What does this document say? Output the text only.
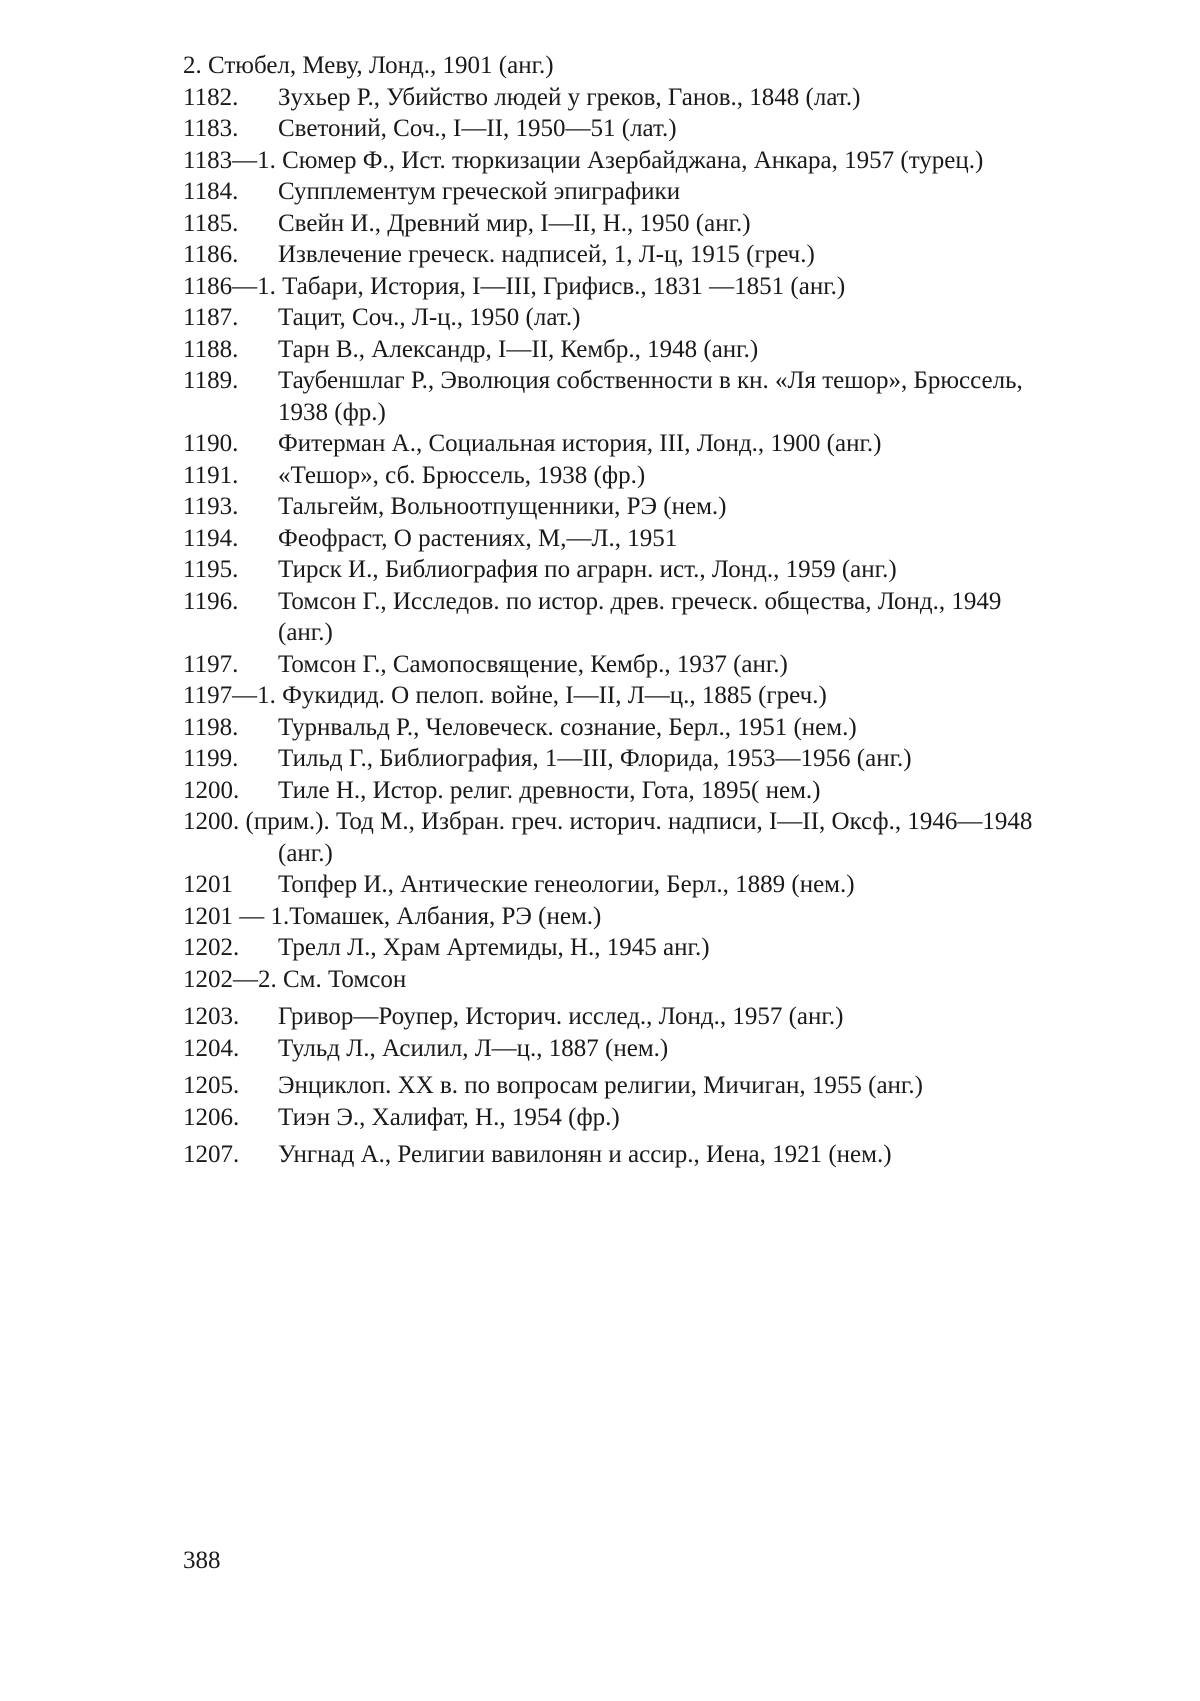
2. Стюбел, Меву, Лонд., 1901 (анг.)
1182.	Зухьер Р., Убийство людей у греков, Ганов., 1848 (лат.)
1183.	Светоний, Соч., I—II, 1950—51 (лат.)
1183—1. Сюмер Ф., Ист. тюркизации Азербайджана, Анкара, 1957 (турец.)
1184.	Супплементум греческой эпиграфики
1185.	Свейн И., Древний мир, I—II, Н., 1950 (анг.)
1186.	Извлечение греческ. надписей, 1, Л-ц, 1915 (греч.)
1186—1. Табари, История, I—III, Грифисв., 1831 —1851 (анг.)
1187.	Тацит, Соч., Л-ц., 1950 (лат.)
1188.	Тарн В., Александр, I—II, Кембр., 1948 (анг.)
1189.	Таубеншлаг Р., Эволюция собственности в кн. «Ля тешор», Брюссель, 1938 (фр.)
1190.	Фитерман А., Социальная история, III, Лонд., 1900 (анг.)
1191.	«Тешор», сб. Брюссель, 1938 (фр.)
1193.	Тальгейм, Вольноотпущенники, РЭ (нем.)
1194.	Феофраст, О растениях, М,—Л., 1951
1195.	Тирск И., Библиография по аграрн. ист., Лонд., 1959 (анг.)
1196.	Томсон Г., Исследов. по истор. древ. греческ. общества, Лонд., 1949 (анг.)
1197.	Томсон Г., Самопосвящение, Кембр., 1937 (анг.)
1197—1. Фукидид. О пелоп. войне, I—II, Л—ц., 1885 (греч.)
1198.	Турнвальд Р., Человеческ. сознание, Берл., 1951 (нем.)
1199.	Тильд Г., Библиография, 1—III, Флорида, 1953—1956 (анг.)
1200.	Тиле Н., Истор. религ. древности, Гота, 1895( нем.)
1200. (прим.). Тод М., Избран. греч. историч. надписи, I—II, Оксф., 1946—1948 (анг.)
1201	Топфер И., Антические генеологии, Берл., 1889 (нем.)
1201 — 1.Томашек, Албания, РЭ (нем.)
1202.	Трелл Л., Храм Артемиды, Н., 1945 анг.)
1202—2. См. Томсон
1203.	Гривор—Роупер, Историч. исслед., Лонд., 1957 (анг.)
1204.	Тульд Л., Асилил, Л—ц., 1887 (нем.)
1205.	Энциклоп. XX в. по вопросам религии, Мичиган, 1955 (анг.)
1206.	Тиэн Э., Халифат, Н., 1954 (фр.)
1207.	Унгнад А., Религии вавилонян и ассир., Иена, 1921 (нем.)
388
